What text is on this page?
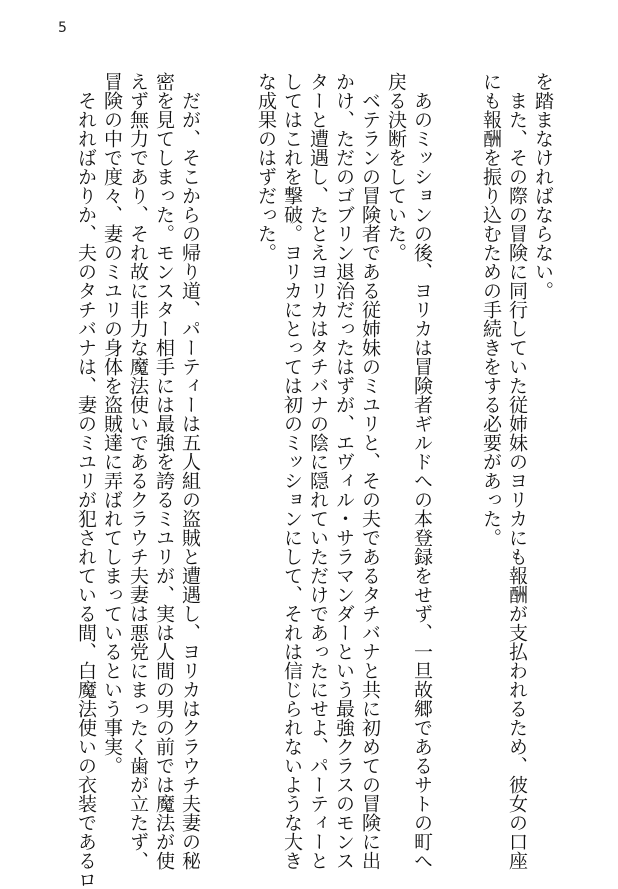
5
を踏まなければならない。
　また、その際の冒険に同行していた従姉妹のヨリカにも報酬が支払われるため、彼女の口座
にも報酬を振り込むための手続きをする必要があった。
　あのミッションの後、ヨリカは冒険者ギルドへの本登録をせず、一旦故郷であるサトの町へ
戻る決断をしていた。
　ベテランの冒険者である従姉妹のミユリと、その夫であるタチバナと共に初めての冒険に出
かけ、ただのゴブリン退治だったはずが、エヴィル・サラマンダーという最強クラスのモンス
ターと遭遇し、たとえヨリカはタチバナの陰に隠れていただけであったにせよ、パーティーと
してはこれを撃破。ヨリカにとっては初のミッションにして、それは信じられないような大き
な成果のはずだった。
　だが、そこからの帰り道、パーティーは五人組の盗賊と遭遇し、ヨリカはクラウチ夫妻の秘
密を見てしまった。モンスター相手には最強を誇るミユリが、実は人間の男の前では魔法が使
えず無力であり、それ故に非力な魔法使いであるクラウチ夫妻は悪党にまったく歯が立たず、
冒険の中で度々、妻のミユリの身体を盗賊達に弄ばれてしまっているという事実。
　それればかりか、夫のタチバナは、妻のミユリが犯されている間、白魔法使いの衣装であるロ
